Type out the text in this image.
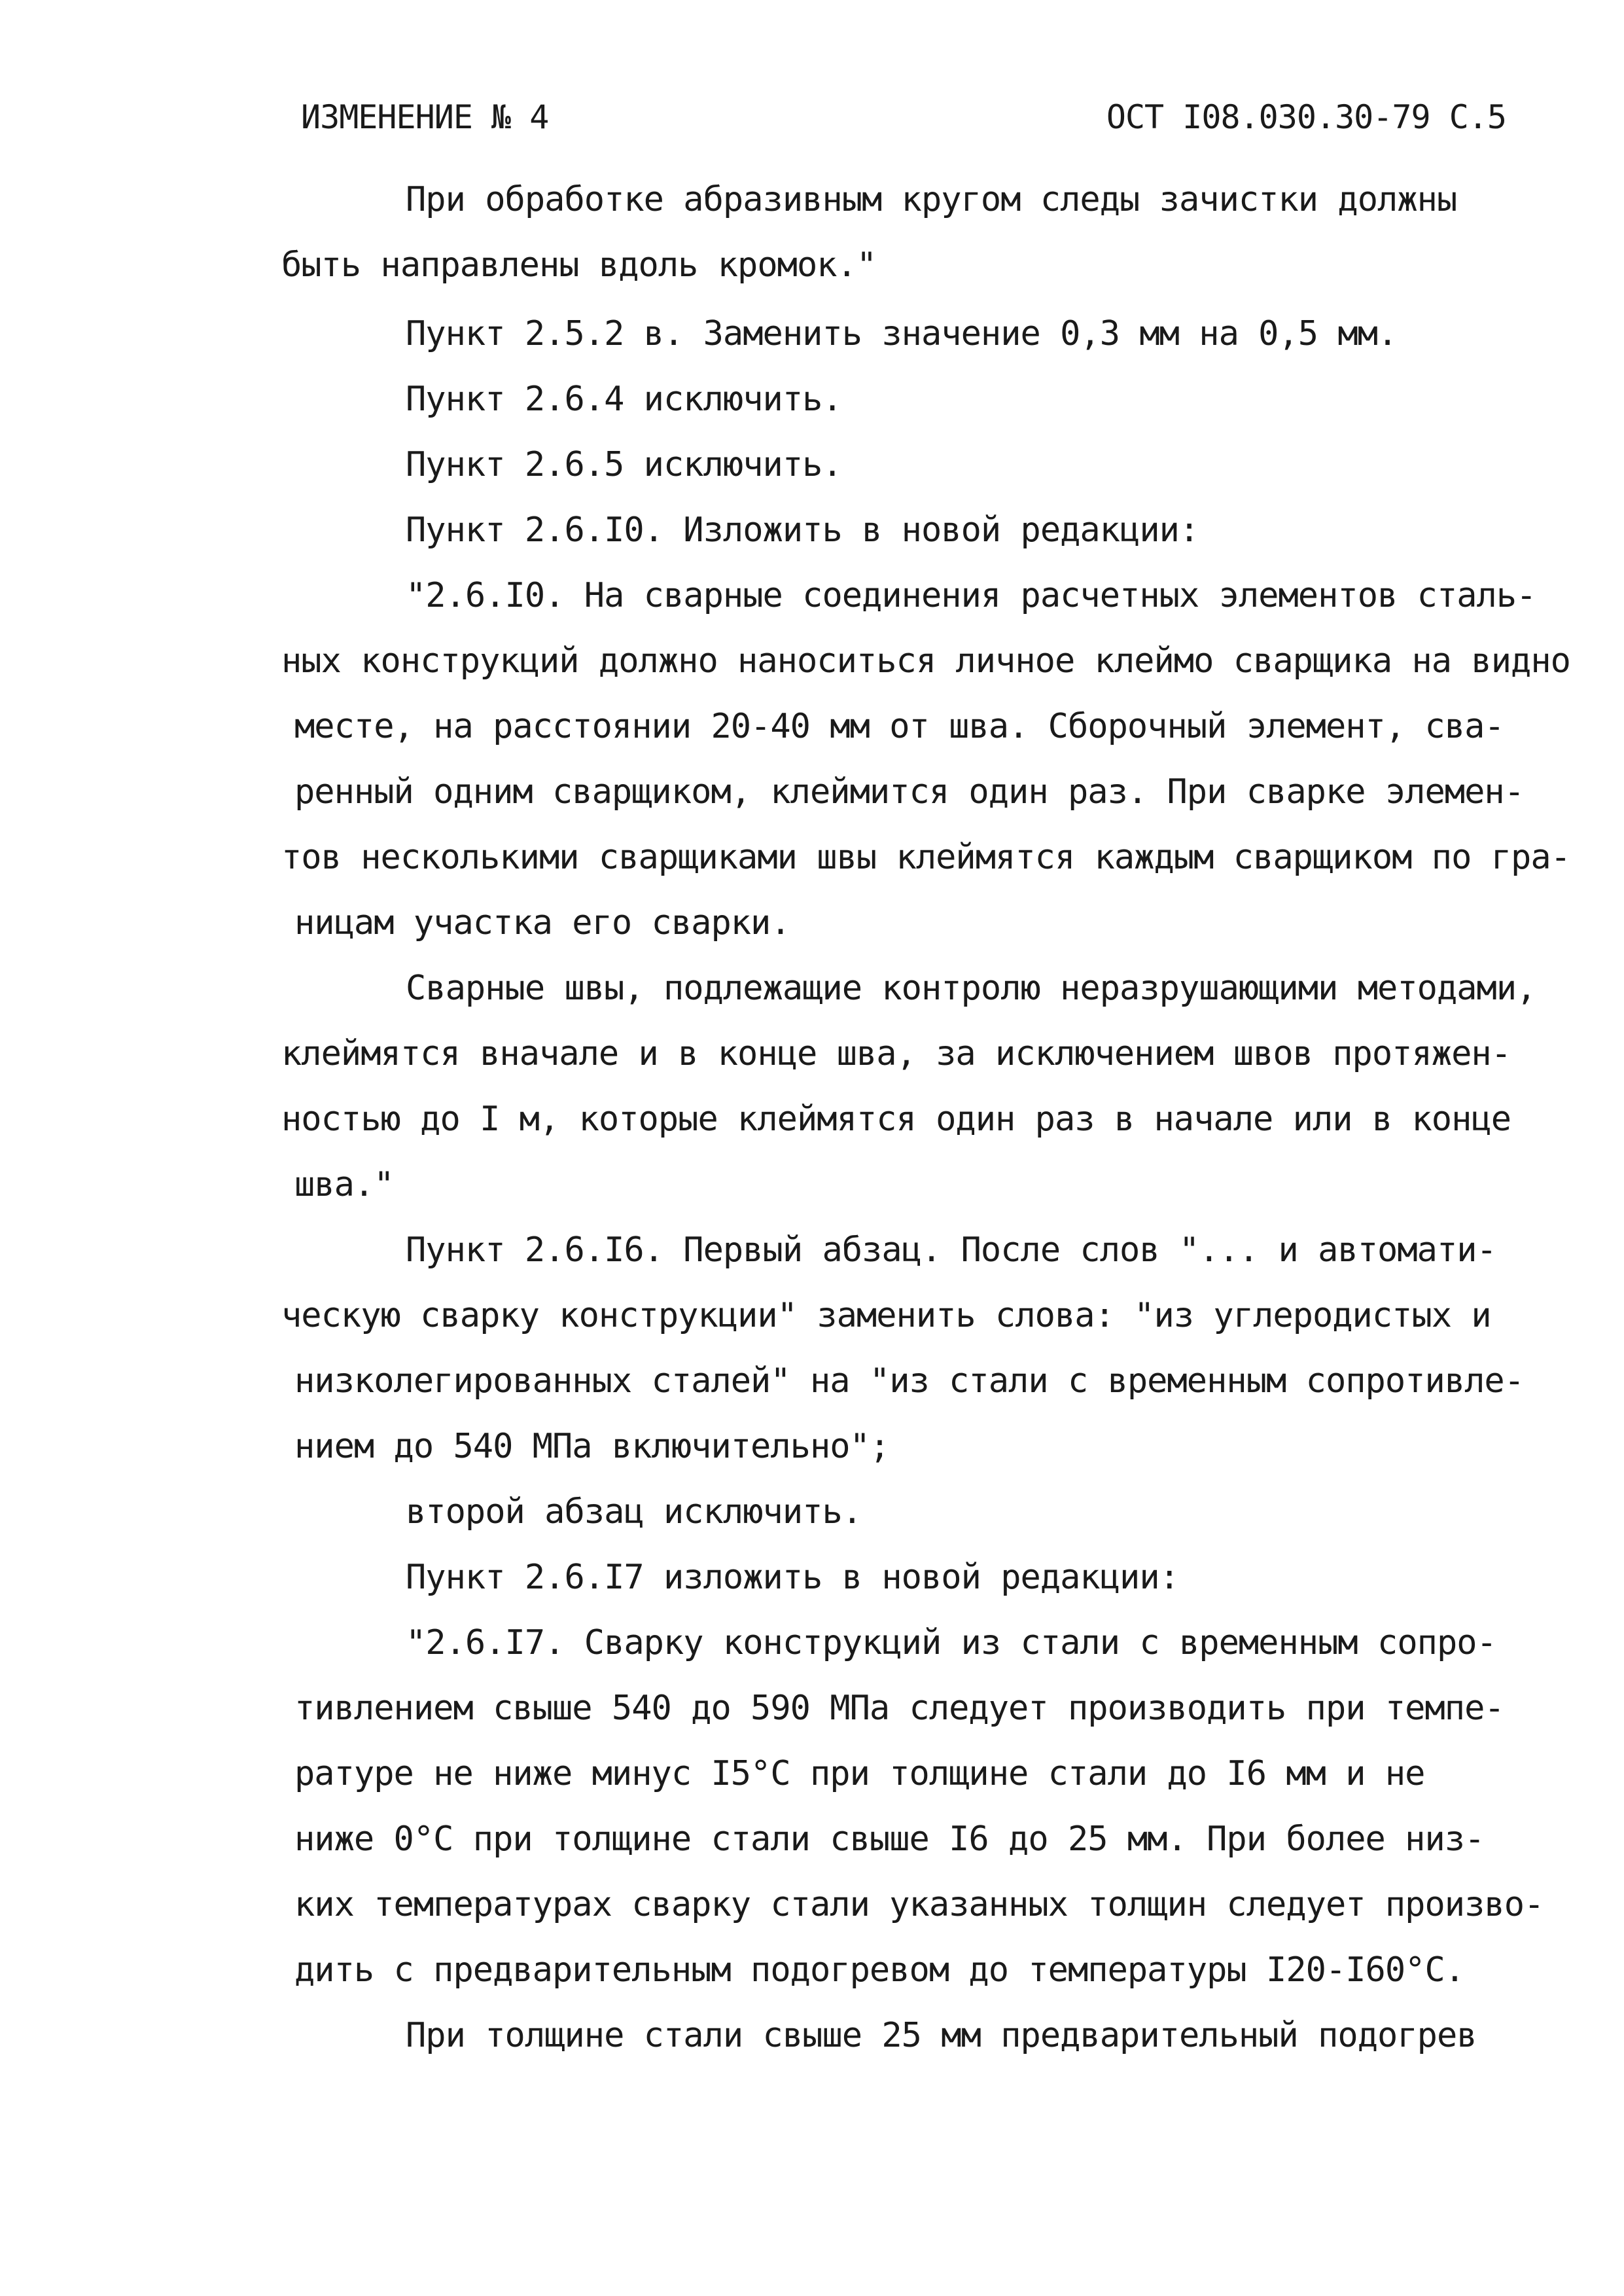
ИЗМЕНЕНИЕ № 4	ОСТ I08.030.30-79 С.5
При обработке абразивным кругом следы зачистки должны
быть направлены вдоль кромок."
Пункт 2.5.2 в. Заменить значение 0,3 мм на 0,5 мм.
Пункт 2.6.4 исключить.
Пункт 2.6.5 исключить.
Пункт 2.6.I0. Изложить в новой редакции:
"2.6.I0. На сварные соединения расчетных элементов сталь-
ных конструкций должно наноситься личное клеймо сварщика на видно
месте, на расстоянии 20-40 мм от шва. Сборочный элемент, сва-
ренный одним сварщиком, клеймится один раз. При сварке элемен-
тов несколькими сварщиками швы клеймятся каждым сварщиком по гра-
ницам участка его сварки.
Сварные швы, подлежащие контролю неразрушающими методами,
клеймятся вначале и в конце шва, за исключением швов протяжен-
ностью до I м, которые клеймятся один раз в начале или в конце
шва."
Пункт 2.6.I6. Первый абзац. После слов "... и автомати-
ческую сварку конструкции" заменить слова: "из углеродистых и
низколегированных сталей" на "из стали с временным сопротивле-
нием до 540 МПа включительно";
второй абзац исключить.
Пункт 2.6.I7 изложить в новой редакции:
"2.6.I7. Сварку конструкций из стали с временным сопро-
тивлением свыше 540 до 590 МПа следует производить при темпе-
ратуре не ниже минус I5°С при толщине стали до I6 мм и не
ниже 0°С при толщине стали свыше I6 до 25 мм. При более низ-
ких температурах сварку стали указанных толщин следует произво-
дить с предварительным подогревом до температуры I20-I60°С.
При толщине стали свыше 25 мм предварительный подогрев
